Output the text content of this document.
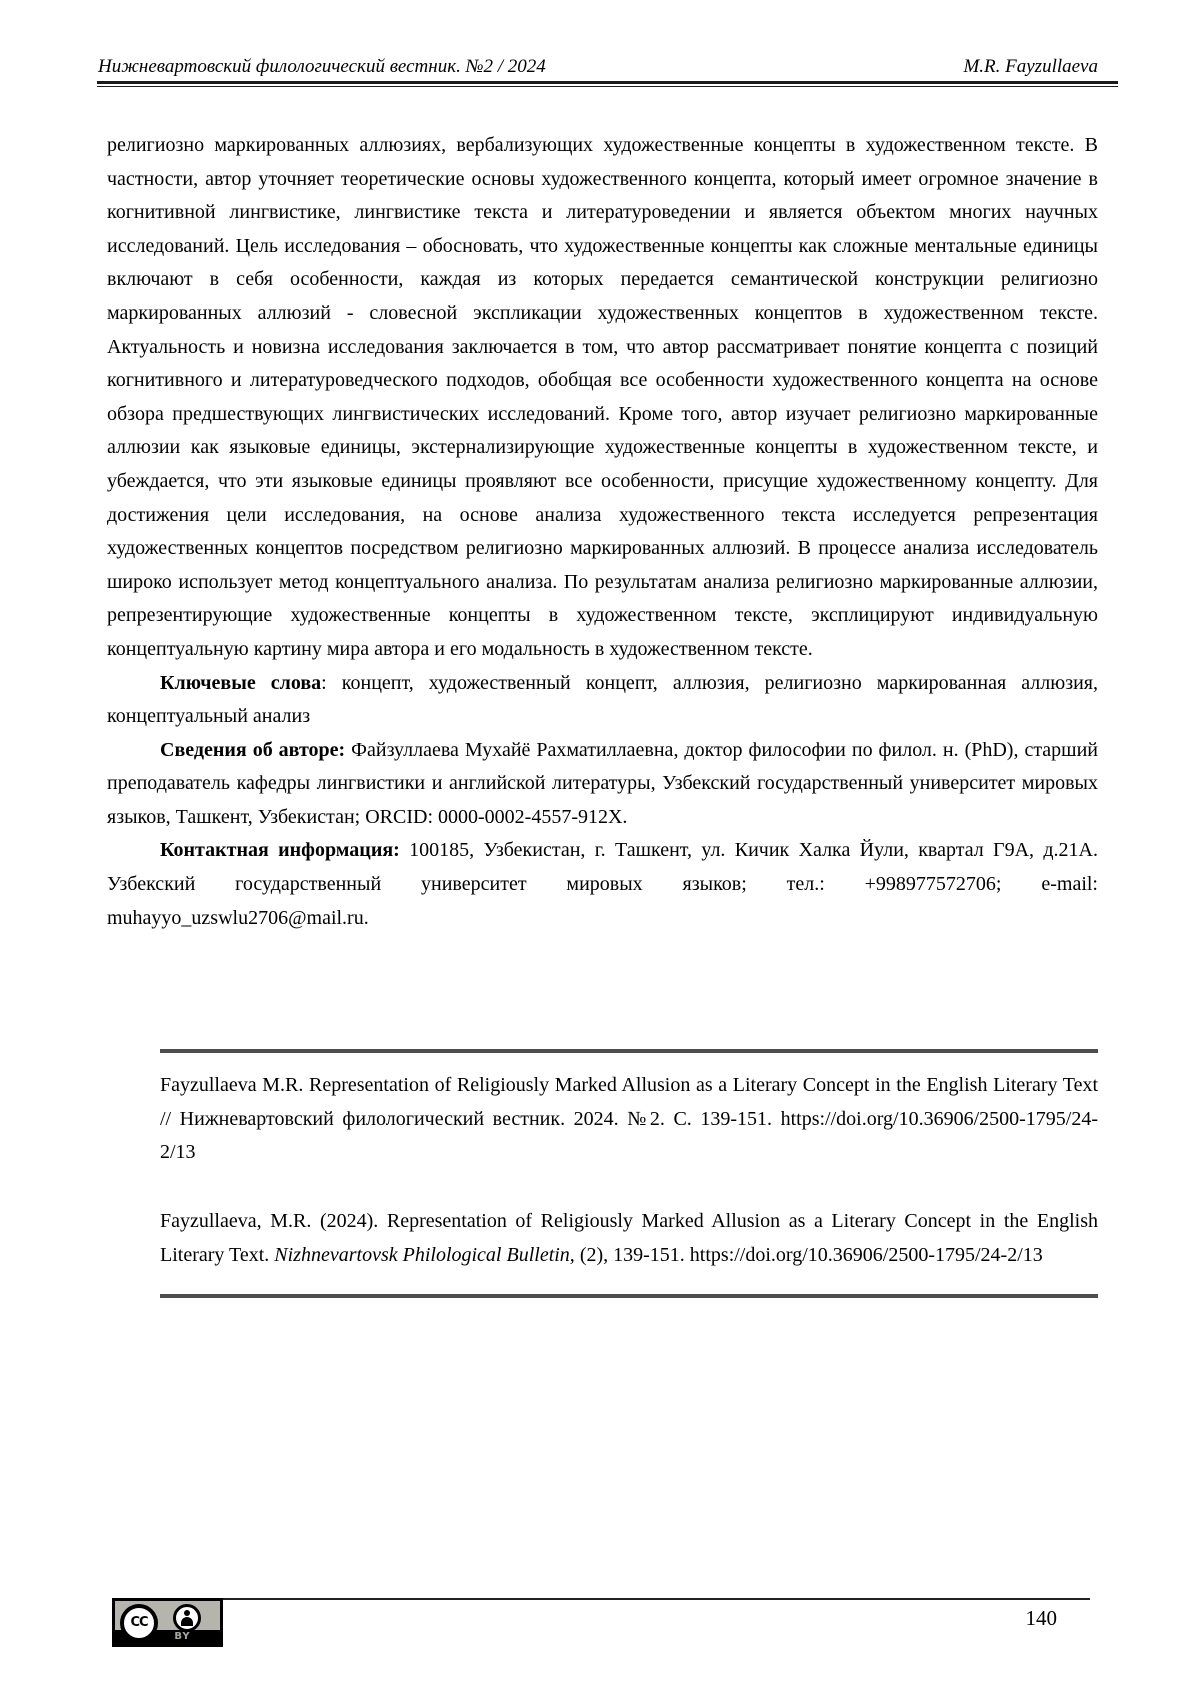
Нижневартовский филологический вестник. №2 / 2024	M.R. Fayzullaeva

религиозно маркированных аллюзиях, вербализующих художественные концепты в художественном тексте. В частности, автор уточняет теоретические основы художественного концепта, который имеет огромное значение в когнитивной лингвистике, лингвистике текста и литературоведении и является объектом многих научных исследований. Цель исследования – обосновать, что художественные концепты как сложные ментальные единицы включают в себя особенности, каждая из которых передается семантической конструкции религиозно маркированных аллюзий - словесной экспликации художественных концептов в художественном тексте. Актуальность и новизна исследования заключается в том, что автор рассматривает понятие концепта с позиций когнитивного и литературоведческого подходов, обобщая все особенности художественного концепта на основе обзора предшествующих лингвистических исследований. Кроме того, автор изучает религиозно маркированные аллюзии как языковые единицы, экстернализирующие художественные концепты в художественном тексте, и убеждается, что эти языковые единицы проявляют все особенности, присущие художественному концепту. Для достижения цели исследования, на основе анализа художественного текста исследуется репрезентация художественных концептов посредством религиозно маркированных аллюзий. В процессе анализа исследователь широко использует метод концептуального анализа. По результатам анализа религиозно маркированные аллюзии, репрезентирующие художественные концепты в художественном тексте, эксплицируют индивидуальную концептуальную картину мира автора и его модальность в художественном тексте.

Ключевые слова: концепт, художественный концепт, аллюзия, религиозно маркированная аллюзия, концептуальный анализ

Сведения об авторе: Файзуллаева Мухайё Рахматиллаевна, доктор философии по филол. н. (PhD), старший преподаватель кафедры лингвистики и английской литературы, Узбекский государственный университет мировых языков, Ташкент, Узбекистан; ORCID: 0000-0002-4557-912X.

Контактная информация: 100185, Узбекистан, г. Ташкент, ул. Кичик Халка Йули, квартал Г9А, д.21А. Узбекский государственный университет мировых языков; тел.: +998977572706; e-mail: muhayyo_uzswlu2706@mail.ru.

Fayzullaeva M.R. Representation of Religiously Marked Allusion as a Literary Concept in the English Literary Text // Нижневартовский филологический вестник. 2024. №2. С. 139-151. https://doi.org/10.36906/2500-1795/24-2/13

Fayzullaeva, M.R. (2024). Representation of Religiously Marked Allusion as a Literary Concept in the English Literary Text. Nizhnevartovsk Philological Bulletin, (2), 139-151. https://doi.org/10.36906/2500-1795/24-2/13

CC
BY
140
